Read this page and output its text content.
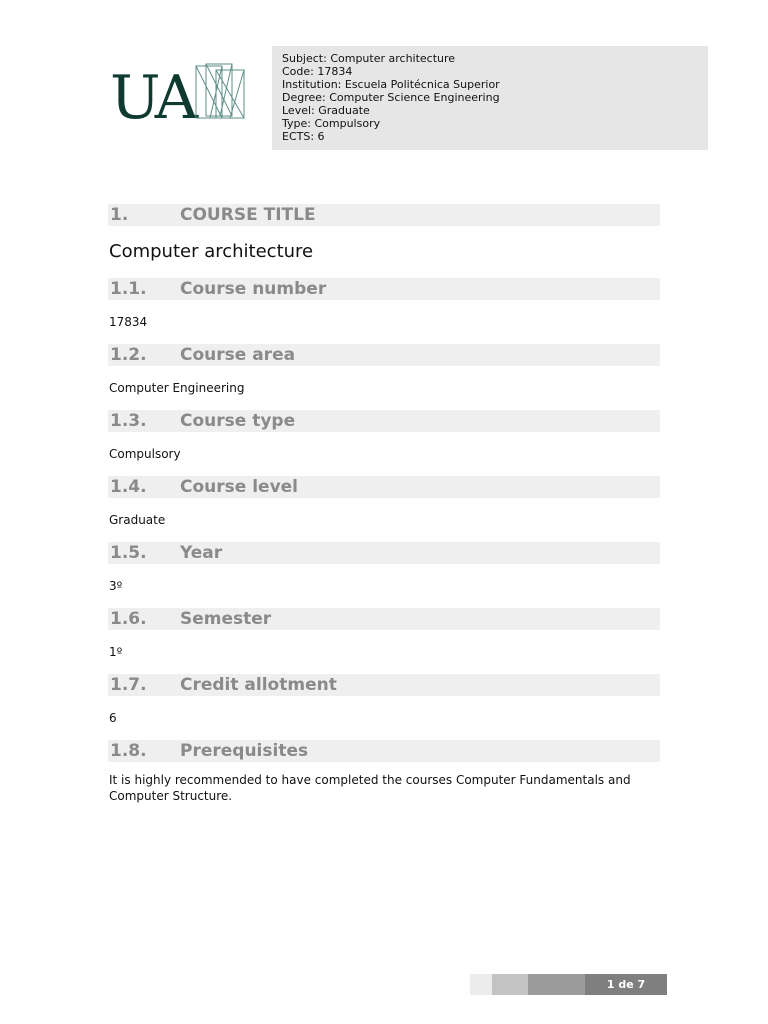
UA
Subject: Computer architecture
Code: 17834
Institution: Escuela Politécnica Superior
Degree: Computer Science Engineering
Level: Graduate
Type: Compulsory
ECTS: 6
1.	COURSE TITLE
Computer architecture
1.1.	Course number
17834
1.2.	Course area
Computer Engineering
1.3.	Course type
Compulsory
1.4.	Course level
Graduate
1.5.	Year
3º
1.6.	Semester
1º
1.7.	Credit allotment
6
1.8.	Prerequisites
It is highly recommended to have completed the courses Computer Fundamentals and Computer Structure.
1 de 7
